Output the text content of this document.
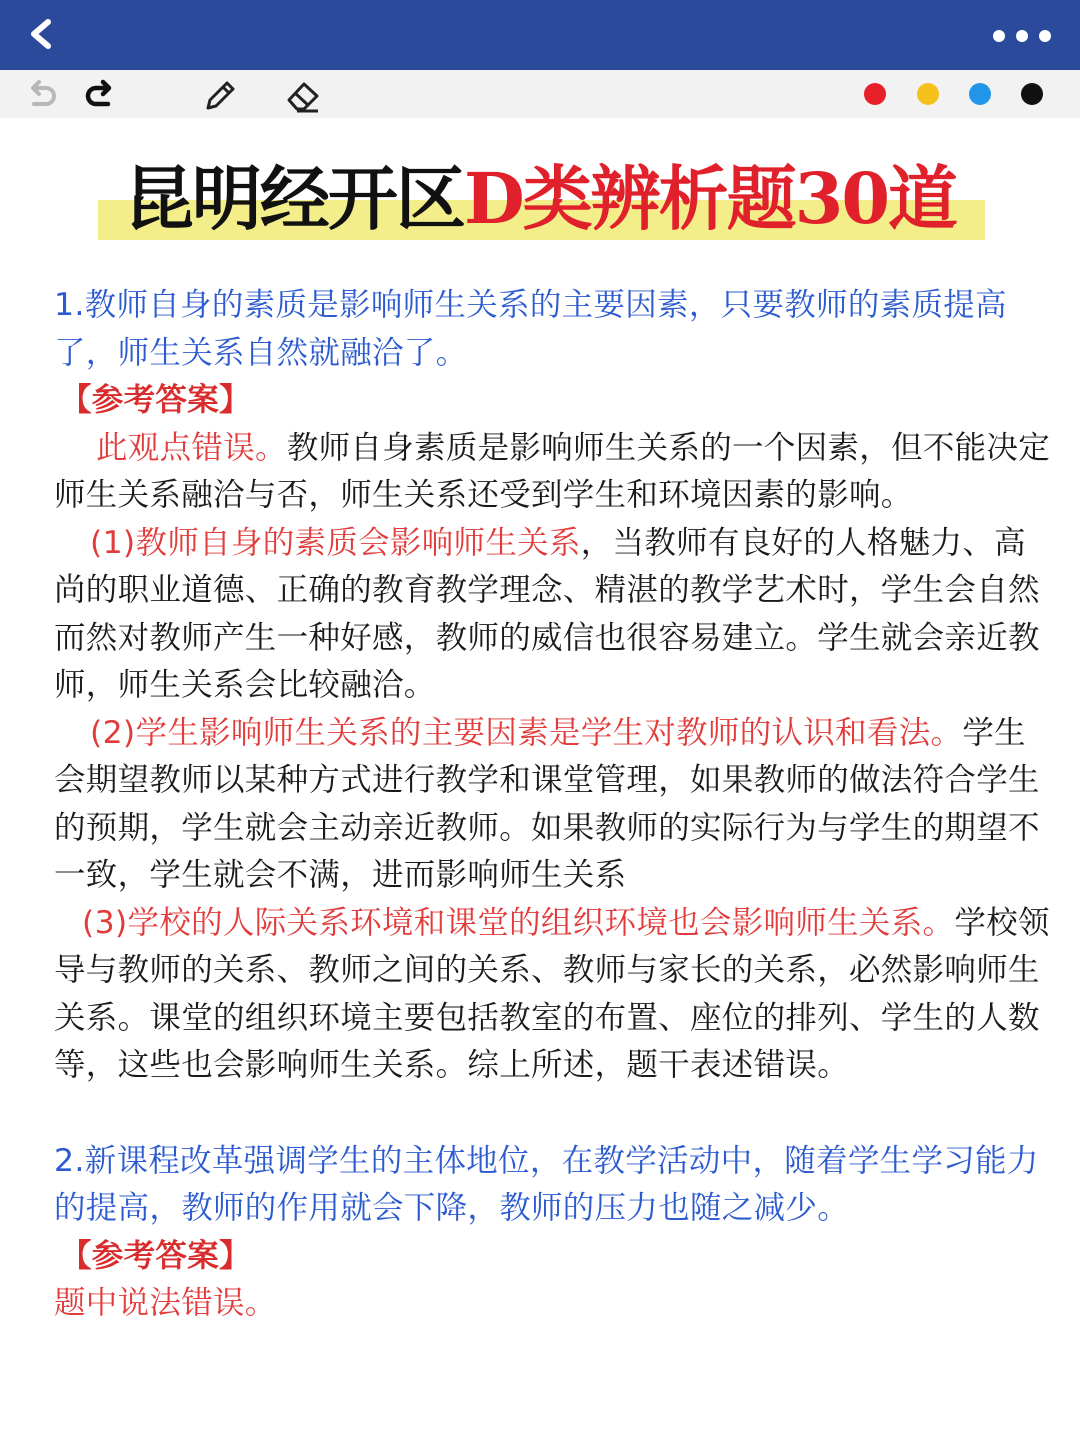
昆明经开区D类辨析题30道

1.教师自身的素质是影响师生关系的主要因素，只要教师的素质提高了，师生关系自然就融洽了。

【参考答案】

此观点错误。教师自身素质是影响师生关系的一个因素，但不能决定师生关系融洽与否，师生关系还受到学生和环境因素的影响。

(1)教师自身的素质会影响师生关系，当教师有良好的人格魅力、高尚的职业道德、正确的教育教学理念、精湛的教学艺术时，学生会自然而然对教师产生一种好感，教师的威信也很容易建立。学生就会亲近教师，师生关系会比较融洽。

(2)学生影响师生关系的主要因素是学生对教师的认识和看法。学生会期望教师以某种方式进行教学和课堂管理，如果教师的做法符合学生的预期，学生就会主动亲近教师。如果教师的实际行为与学生的期望不一致，学生就会不满，进而影响师生关系

(3)学校的人际关系环境和课堂的组织环境也会影响师生关系。学校领导与教师的关系、教师之间的关系、教师与家长的关系，必然影响师生关系。课堂的组织环境主要包括教室的布置、座位的排列、学生的人数等，这些也会影响师生关系。综上所述，题干表述错误。

2.新课程改革强调学生的主体地位，在教学活动中，随着学生学习能力的提高，教师的作用就会下降，教师的压力也随之减少。

【参考答案】

题中说法错误。
